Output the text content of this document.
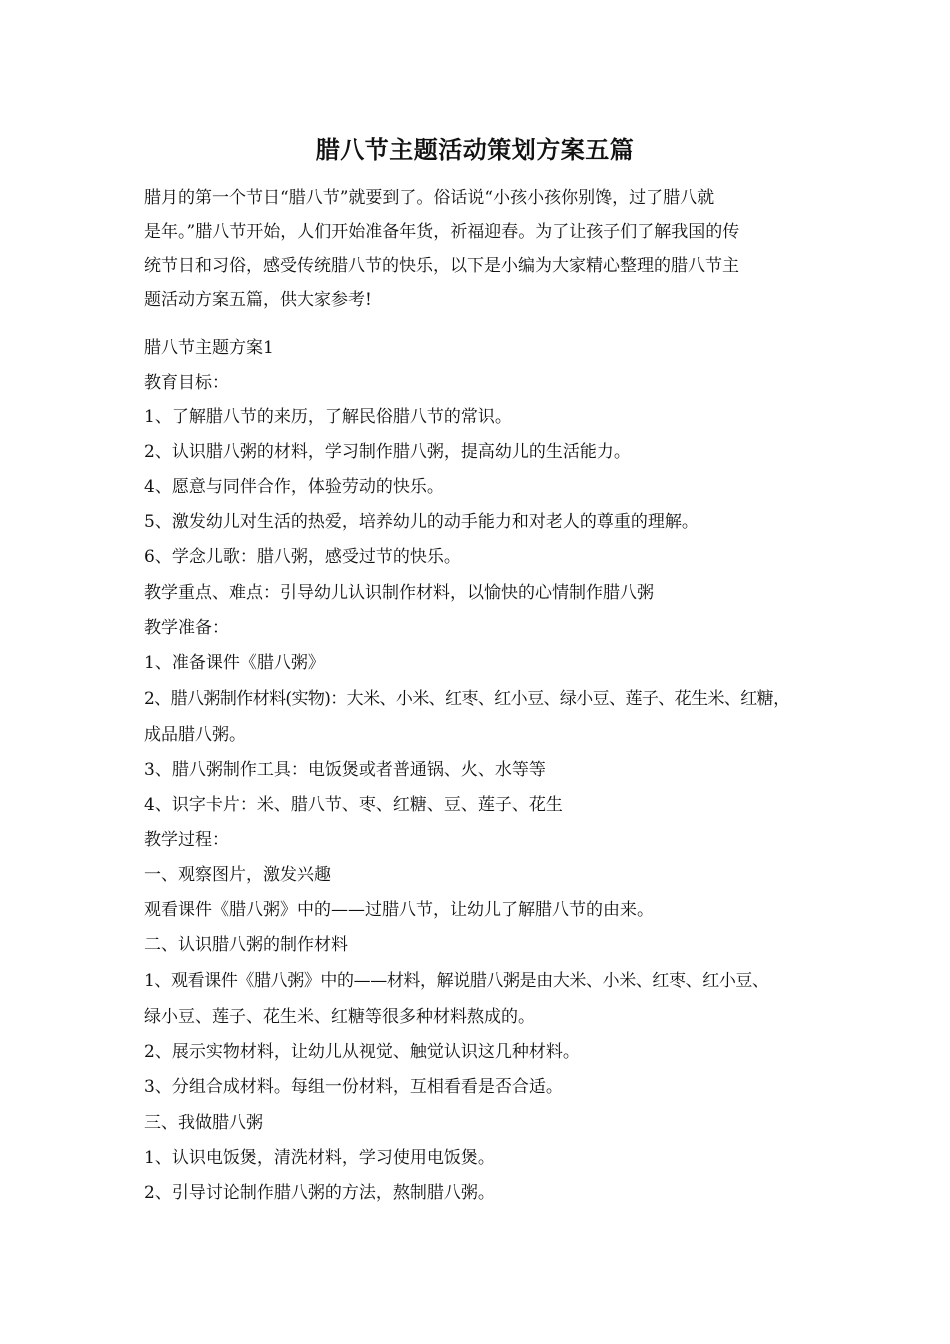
腊八节主题活动策划方案五篇

腊月的第一个节日“腊八节”就要到了。俗话说“小孩小孩你别馋，过了腊八就

是年。”腊八节开始，人们开始准备年货，祈福迎春。为了让孩子们了解我国的传

统节日和习俗，感受传统腊八节的快乐，以下是小编为大家精心整理的腊八节主

题活动方案五篇，供大家参考!

腊八节主题方案1
教育目标：
1、了解腊八节的来历，了解民俗腊八节的常识。
2、认识腊八粥的材料，学习制作腊八粥，提高幼儿的生活能力。
4、愿意与同伴合作，体验劳动的快乐。
5、激发幼儿对生活的热爱，培养幼儿的动手能力和对老人的尊重的理解。
6、学念儿歌：腊八粥，感受过节的快乐。
教学重点、难点：引导幼儿认识制作材料，以愉快的心情制作腊八粥
教学准备：
1、准备课件《腊八粥》
2、腊八粥制作材料(实物)：大米、小米、红枣、红小豆、绿小豆、莲子、花生米、红糖，
成品腊八粥。
3、腊八粥制作工具：电饭煲或者普通锅、火、水等等
4、识字卡片：米、腊八节、枣、红糖、豆、莲子、花生
教学过程：
一、观察图片，激发兴趣
观看课件《腊八粥》中的——过腊八节，让幼儿了解腊八节的由来。
二、认识腊八粥的制作材料
1、观看课件《腊八粥》中的——材料，解说腊八粥是由大米、小米、红枣、红小豆、
绿小豆、莲子、花生米、红糖等很多种材料熬成的。
2、展示实物材料，让幼儿从视觉、触觉认识这几种材料。
3、分组合成材料。每组一份材料，互相看看是否合适。
三、我做腊八粥
1、认识电饭煲，清洗材料，学习使用电饭煲。
2、引导讨论制作腊八粥的方法，熬制腊八粥。
